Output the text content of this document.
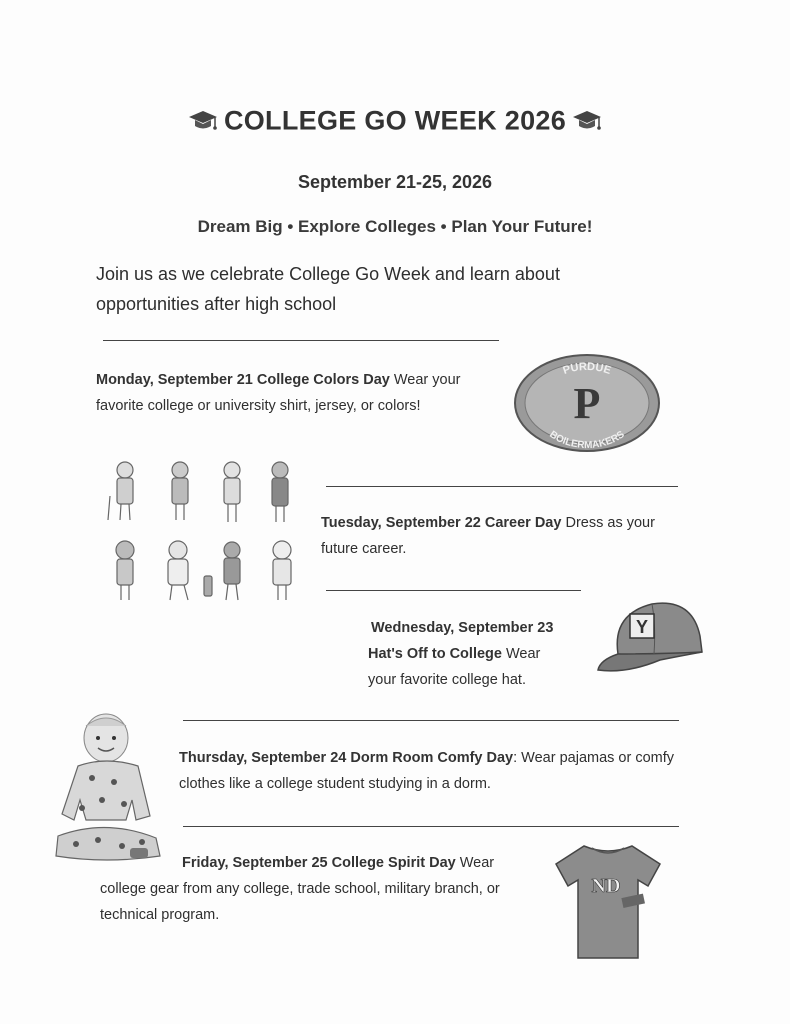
COLLEGE GO WEEK 2026
September 21-25, 2026
Dream Big • Explore Colleges • Plan Your Future!
Join us as we celebrate College Go Week and learn about opportunities after high school
Monday, September 21 College Colors Day Wear your favorite college or university shirt, jersey, or colors!
PURDUE
P
BOILERMAKERS
Tuesday, September 22 Career Day Dress as your future career.
Wednesday, September 23
Hat's Off to College Wear your favorite college hat.
Y
Thursday, September 24 Dorm Room Comfy Day: Wear pajamas or comfy clothes like a college student studying in a dorm.
Friday, September 25 College Spirit Day Wear college gear from any college, trade school, military branch, or technical program.
ND
